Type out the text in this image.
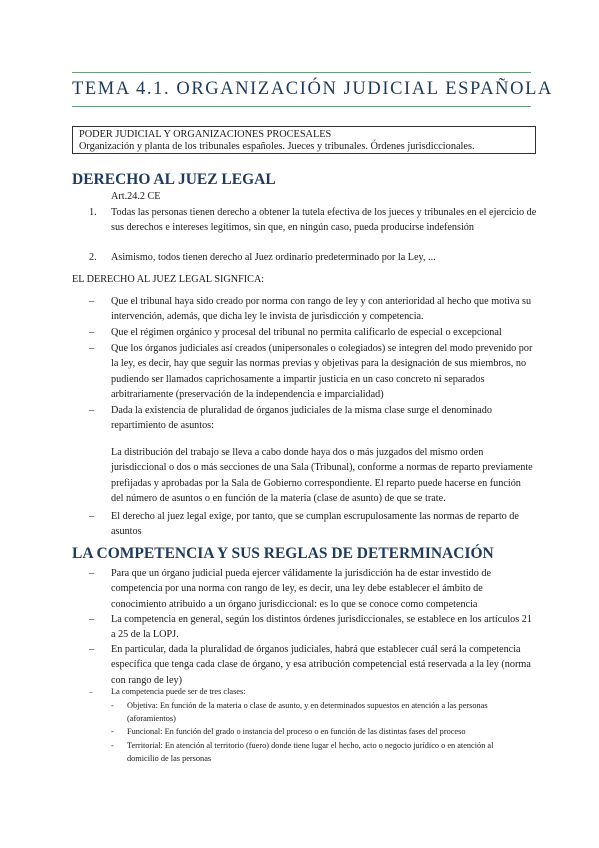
TEMA 4.1. ORGANIZACIÓN JUDICIAL ESPAÑOLA
PODER JUDICIAL Y ORGANIZACIONES PROCESALES
Organización y planta de los tribunales españoles. Jueces y tribunales. Órdenes jurisdiccionales.
DERECHO AL JUEZ LEGAL
Art.24.2 CE
1. Todas las personas tienen derecho a obtener la tutela efectiva de los jueces y tribunales en el ejercicio de
sus derechos e intereses legítimos, sin que, en ningún caso, pueda producirse indefensión
2. Asimismo, todos tienen derecho al Juez ordinario predeterminado por la Ley, ...
EL DERECHO AL JUEZ LEGAL SIGNFICA:
– Que el tribunal haya sido creado por norma con rango de ley y con anterioridad al hecho que motiva su
intervención, además, que dicha ley le invista de jurisdicción y competencia.
– Que el régimen orgánico y procesal del tribunal no permita calificarlo de especial o excepcional
– Que los órganos judiciales así creados (unipersonales o colegiados) se integren del modo prevenido por
la ley, es decir, hay que seguir las normas previas y objetivas para la designación de sus miembros, no
pudiendo ser llamados caprichosamente a impartir justicia en un caso concreto ni separados
arbitrariamente (preservación de la independencia e imparcialidad)
– Dada la existencia de pluralidad de órganos judiciales de la misma clase surge el denominado
repartimiento de asuntos:
La distribución del trabajo se lleva a cabo donde haya dos o más juzgados del mismo orden
jurisdiccional o dos o más secciones de una Sala (Tribunal), conforme a normas de reparto previamente
prefijadas y aprobadas por la Sala de Gobierno correspondiente. El reparto puede hacerse en función
del número de asuntos o en función de la materia (clase de asunto) de que se trate.
– El derecho al juez legal exige, por tanto, que se cumplan escrupulosamente las normas de reparto de
asuntos
LA COMPETENCIA Y SUS REGLAS DE DETERMINACIÓN
– Para que un órgano judicial pueda ejercer válidamente la jurisdicción ha de estar investido de
competencia por una norma con rango de ley, es decir, una ley debe establecer el ámbito de
conocimiento atribuido a un órgano jurisdiccional: es lo que se conoce como competencia
– La competencia en general, según los distintos órdenes jurisdiccionales, se establece en los artículos 21
a 25 de la LOPJ.
– En particular, dada la pluralidad de órganos judiciales, habrá que establecer cuál será la competencia
específica que tenga cada clase de órgano, y esa atribución competencial está reservada a la ley (norma
con rango de ley)
– La competencia puede ser de tres clases:
- Objetiva: En función de la materia o clase de asunto, y en determinados supuestos en atención a las personas
(aforamientos)
- Funcional: En función del grado o instancia del proceso o en función de las distintas fases del proceso
- Territorial: En atención al territorio (fuero) donde tiene lugar el hecho, acto o negocio jurídico o en atención al
domicilio de las personas
